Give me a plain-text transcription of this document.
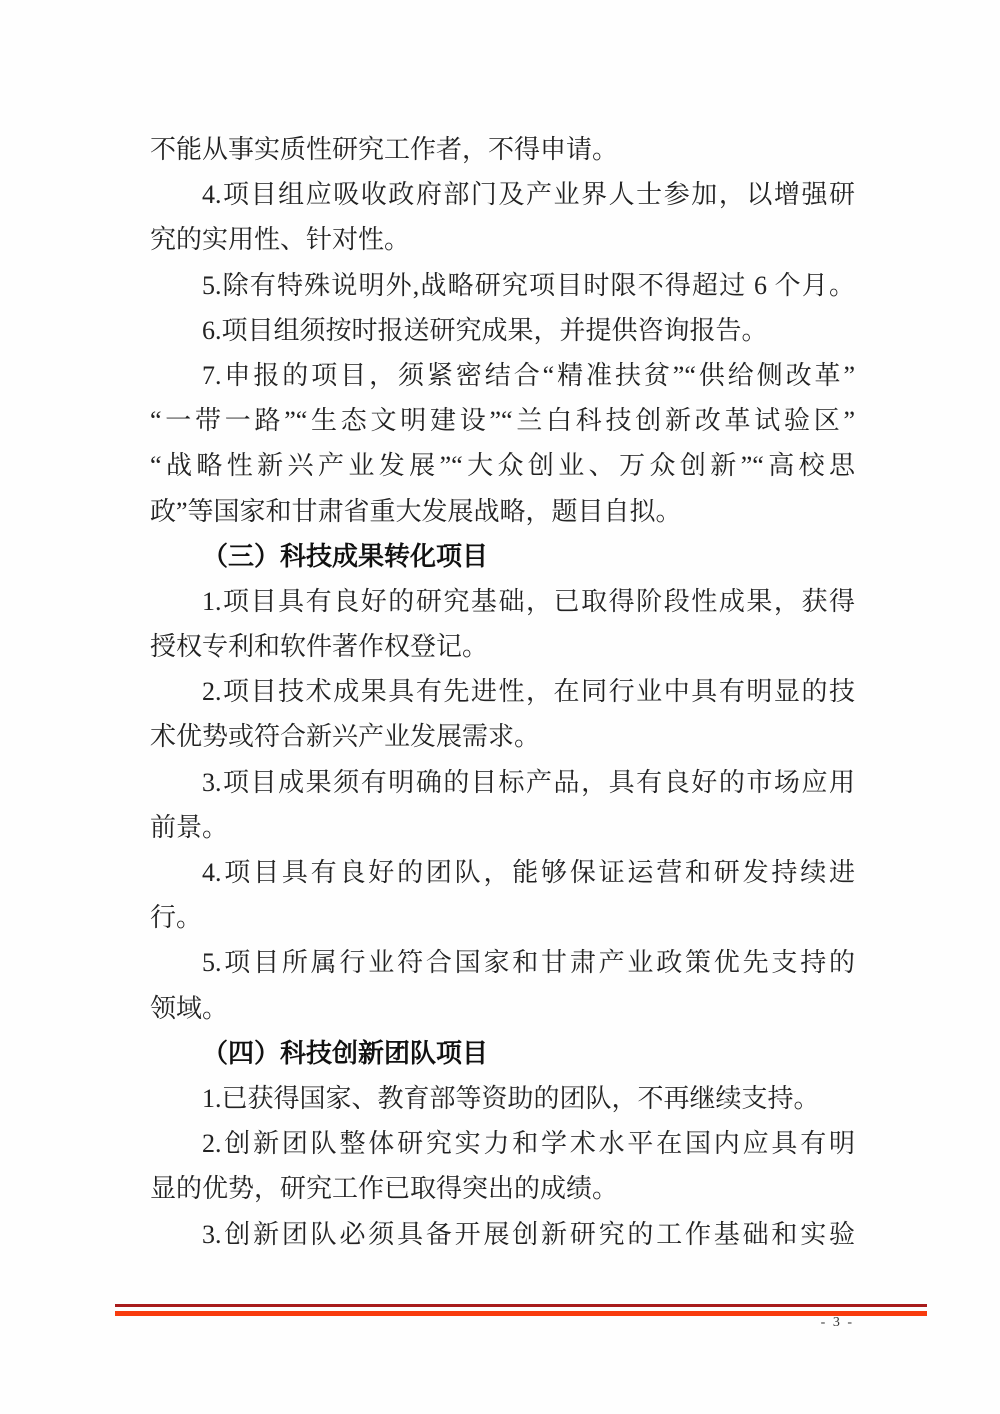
不能从事实质性研究工作者，不得申请。
4.项目组应吸收政府部门及产业界人士参加，以增强研
究的实用性、针对性。
5.除有特殊说明外,战略研究项目时限不得超过 6 个月。
6.项目组须按时报送研究成果，并提供咨询报告。
7.申报的项目，须紧密结合“精准扶贫”“供给侧改革”
“一带一路”“生态文明建设”“兰白科技创新改革试验区”
“战略性新兴产业发展”“大众创业、万众创新”“高校思
政”等国家和甘肃省重大发展战略，题目自拟。
（三）科技成果转化项目
1.项目具有良好的研究基础，已取得阶段性成果，获得
授权专利和软件著作权登记。
2.项目技术成果具有先进性，在同行业中具有明显的技
术优势或符合新兴产业发展需求。
3.项目成果须有明确的目标产品，具有良好的市场应用
前景。
4.项目具有良好的团队，能够保证运营和研发持续进
行。
5.项目所属行业符合国家和甘肃产业政策优先支持的
领域。
（四）科技创新团队项目
1.已获得国家、教育部等资助的团队，不再继续支持。
2.创新团队整体研究实力和学术水平在国内应具有明
显的优势，研究工作已取得突出的成绩。
3.创新团队必须具备开展创新研究的工作基础和实验
- 3 -
